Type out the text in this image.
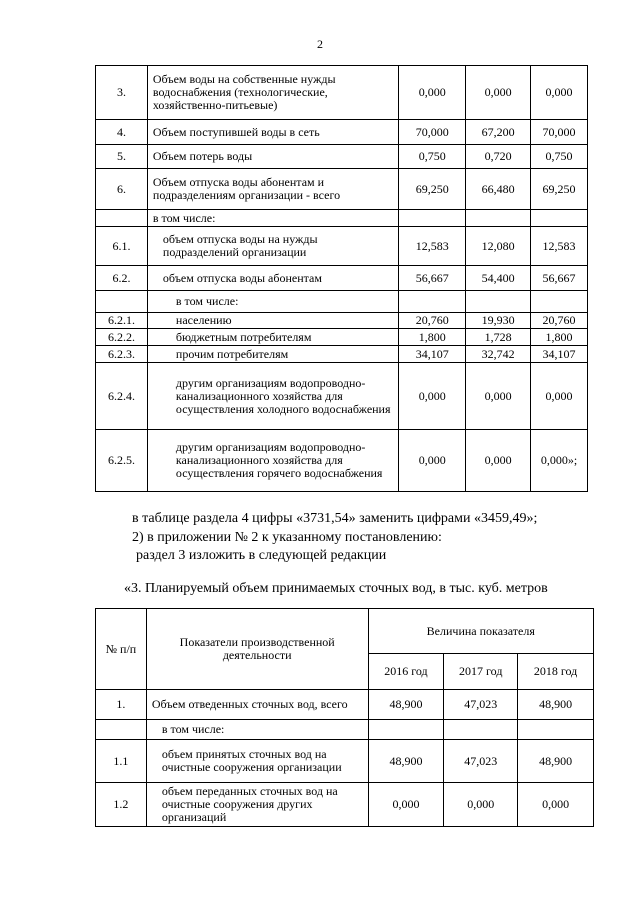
2
3.	Объем воды на собственные нужды водоснабжения (технологические, хозяйственно-питьевые)	0,000	0,000	0,000
4.	Объем поступившей воды в сеть	70,000	67,200	70,000
5.	Объем потерь воды	0,750	0,720	0,750
6.	Объем отпуска воды абонентам и подразделениям организации - всего	69,250	66,480	69,250
	в том числе:			
6.1.	объем отпуска воды на нужды подразделений организации	12,583	12,080	12,583
6.2.	объем отпуска воды абонентам	56,667	54,400	56,667
	в том числе:			
6.2.1.	населению	20,760	19,930	20,760
6.2.2.	бюджетным потребителям	1,800	1,728	1,800
6.2.3.	прочим потребителям	34,107	32,742	34,107
6.2.4.	другим организациям водопроводно-канализационного хозяйства для осуществления холодного водоснабжения	0,000	0,000	0,000
6.2.5.	другим организациям водопроводно-канализационного хозяйства для осуществления горячего водоснабжения	0,000	0,000	0,000»;
в таблице раздела 4 цифры «3731,54» заменить цифрами «3459,49»;
2) в приложении № 2 к указанному постановлению:
раздел 3 изложить в следующей редакции
«3. Планируемый объем принимаемых сточных вод, в тыс. куб. метров
№ п/п	Показатели производственной деятельности	Величина показателя		
		2016 год	2017 год	2018 год
1.	Объем отведенных сточных вод, всего	48,900	47,023	48,900
	в том числе:			
1.1	объем принятых сточных вод на очистные сооружения организации	48,900	47,023	48,900
1.2	объем переданных сточных вод на очистные сооружения других организаций	0,000	0,000	0,000
